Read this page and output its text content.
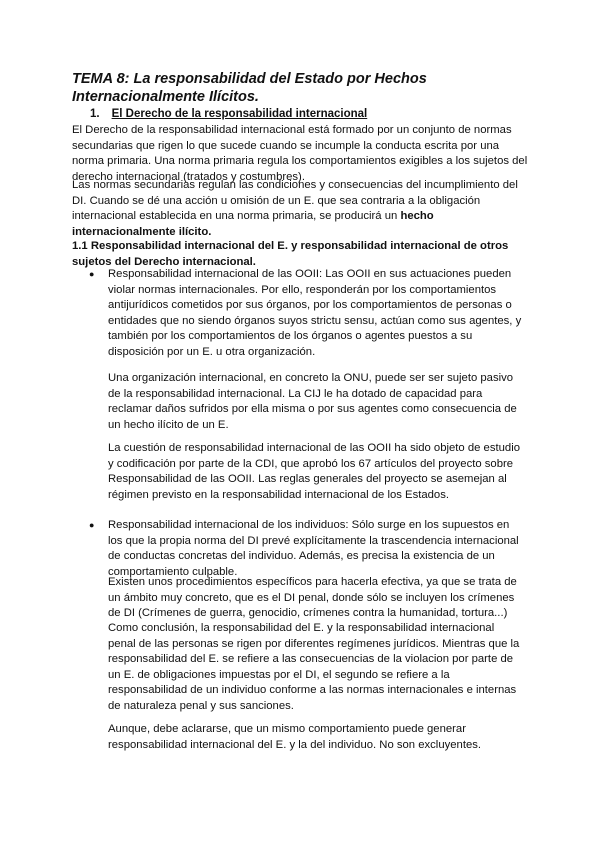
TEMA 8: La responsabilidad del Estado por Hechos Internacionalmente Ilícitos.
1. El Derecho de la responsabilidad internacional

El Derecho de la responsabilidad internacional está formado por un conjunto de normas secundarias que rigen lo que sucede cuando se incumple la conducta escrita por una norma primaria. Una norma primaria regula los comportamientos exigibles a los sujetos del derecho internacional (tratados y costumbres).

Las normas secundarias regulan las condiciones y consecuencias del incumplimiento del DI. Cuando se dé una acción u omisión de un E. que sea contraria a la obligación internacional establecida en una norma primaria, se producirá un hecho internacionalmente ilícito.

1.1 Responsabilidad internacional del E. y responsabilidad internacional de otros sujetos del Derecho internacional.
● Responsabilidad internacional de las OOII: Las OOII en sus actuaciones pueden violar normas internacionales. Por ello, responderán por los comportamientos antijurídicos cometidos por sus órganos, por los comportamientos de personas o entidades que no siendo órganos suyos strictu sensu, actúan como sus agentes, y también por los comportamientos de los órganos o agentes puestos a su disposición por un E. u otra organización.

Una organización internacional, en concreto la ONU, puede ser ser sujeto pasivo de la responsabilidad internacional. La CIJ le ha dotado de capacidad para reclamar daños sufridos por ella misma o por sus agentes como consecuencia de un hecho ilícito de un E.

La cuestión de responsabilidad internacional de las OOII ha sido objeto de estudio y codificación por parte de la CDI, que aprobó los 67 artículos del proyecto sobre Responsabilidad de las OOII. Las reglas generales del proyecto se asemejan al régimen previsto en la responsabilidad internacional de los Estados.

● Responsabilidad internacional de los individuos: Sólo surge en los supuestos en los que la propia norma del DI prevé explícitamente la trascendencia internacional de conductas concretas del individuo. Además, es precisa la existencia de un comportamiento culpable.

Existen unos procedimientos específicos para hacerla efectiva, ya que se trata de un ámbito muy concreto, que es el DI penal, donde sólo se incluyen los crímenes de DI (Crímenes de guerra, genocidio, crímenes contra la humanidad, tortura...)

Como conclusión, la responsabilidad del E. y la responsabilidad internacional penal de las personas se rigen por diferentes regímenes jurídicos. Mientras que la responsabilidad del E. se refiere a las consecuencias de la violacion por parte de un E. de obligaciones impuestas por el DI, el segundo se refiere a la responsabilidad de un individuo conforme a las normas internacionales e internas de naturaleza penal y sus sanciones.

Aunque, debe aclararse, que un mismo comportamiento puede generar responsabilidad internacional del E. y la del individuo. No son excluyentes.
